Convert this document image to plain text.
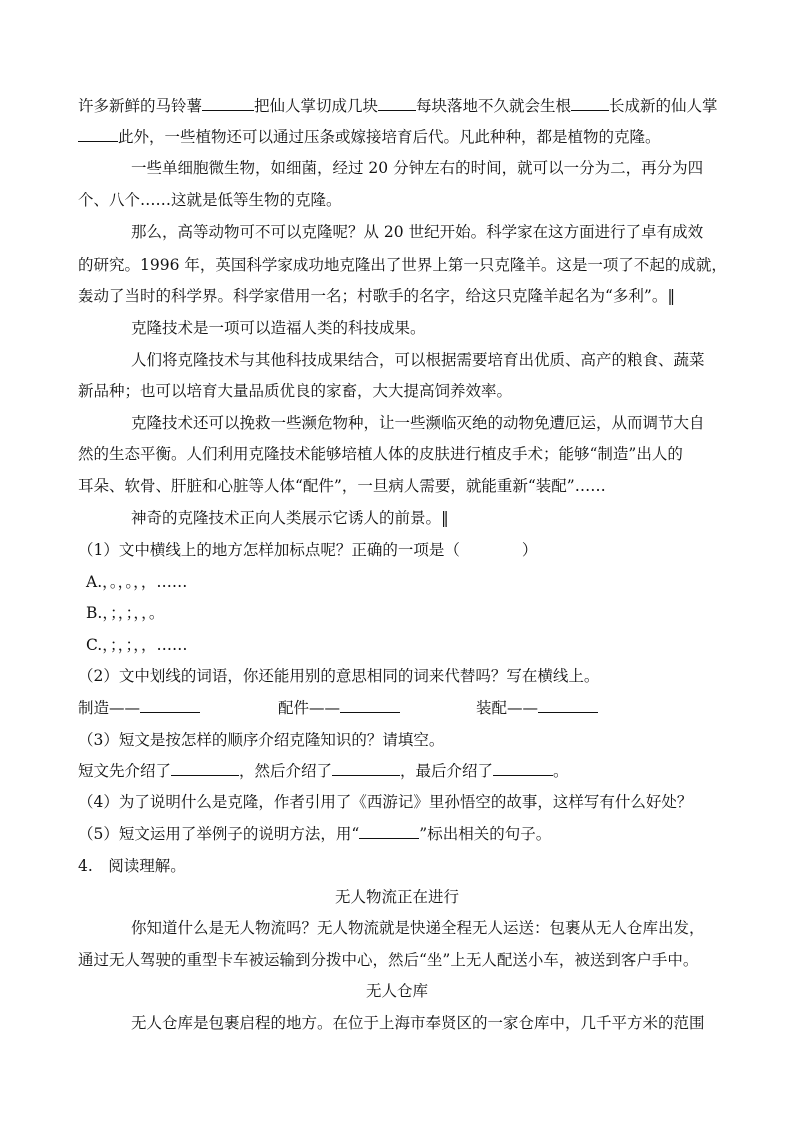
许多新鲜的马铃薯	把仙人掌切成几块 每块落地不久就会生根 长成新的仙人掌
此外，一些植物还可以通过压条或嫁接培育后代。凡此种种，都是植物的克隆。
一些单细胞微生物，如细菌，经过 20 分钟左右的时间，就可以一分为二，再分为四
个、八个……这就是低等生物的克隆。
那么，高等动物可不可以克隆呢？从 20 世纪开始。科学家在这方面进行了卓有成效
的研究。1996 年，英国科学家成功地克隆出了世界上第一只克隆羊。这是一项了不起的成就，
轰动了当时的科学界。科学家借用一名；村歌手的名字，给这只克隆羊起名为“多利”。‖
克隆技术是一项可以造福人类的科技成果。
人们将克隆技术与其他科技成果结合，可以根据需要培育出优质、高产的粮食、蔬菜
新品种；也可以培育大量品质优良的家畜，大大提高饲养效率。
克隆技术还可以挽救一些濒危物种，让一些濒临灭绝的动物免遭厄运，从而调节大自
然的生态平衡。人们利用克隆技术能够培植人体的皮肤进行植皮手术；能够“制造”出人的
耳朵、软骨、肝脏和心脏等人体“配件”，一旦病人需要，就能重新“装配”……
神奇的克隆技术正向人类展示它诱人的前景。‖
（1）文中横线上的地方怎样加标点呢？正确的一项是（　　　　）
A.，。，。，，……
B.，；，；，，。
C.，；，；，，……
（2）文中划线的词语，你还能用别的意思相同的词来代替吗？写在横线上。
制造——	配件——	装配——
（3）短文是按怎样的顺序介绍克隆知识的？请填空。
短文先介绍了	，然后介绍了	，最后介绍了	。
（4）为了说明什么是克隆，作者引用了《西游记》里孙悟空的故事，这样写有什么好处？
（5）短文运用了举例子的说明方法，用“	”标出相关的句子。
4.　阅读理解。
无人物流正在进行
你知道什么是无人物流吗？无人物流就是快递全程无人运送：包裹从无人仓库出发，
通过无人驾驶的重型卡车被运输到分拨中心，然后“坐”上无人配送小车，被送到客户手中。
无人仓库
无人仓库是包裹启程的地方。在位于上海市奉贤区的一家仓库中，几千平方米的范围
